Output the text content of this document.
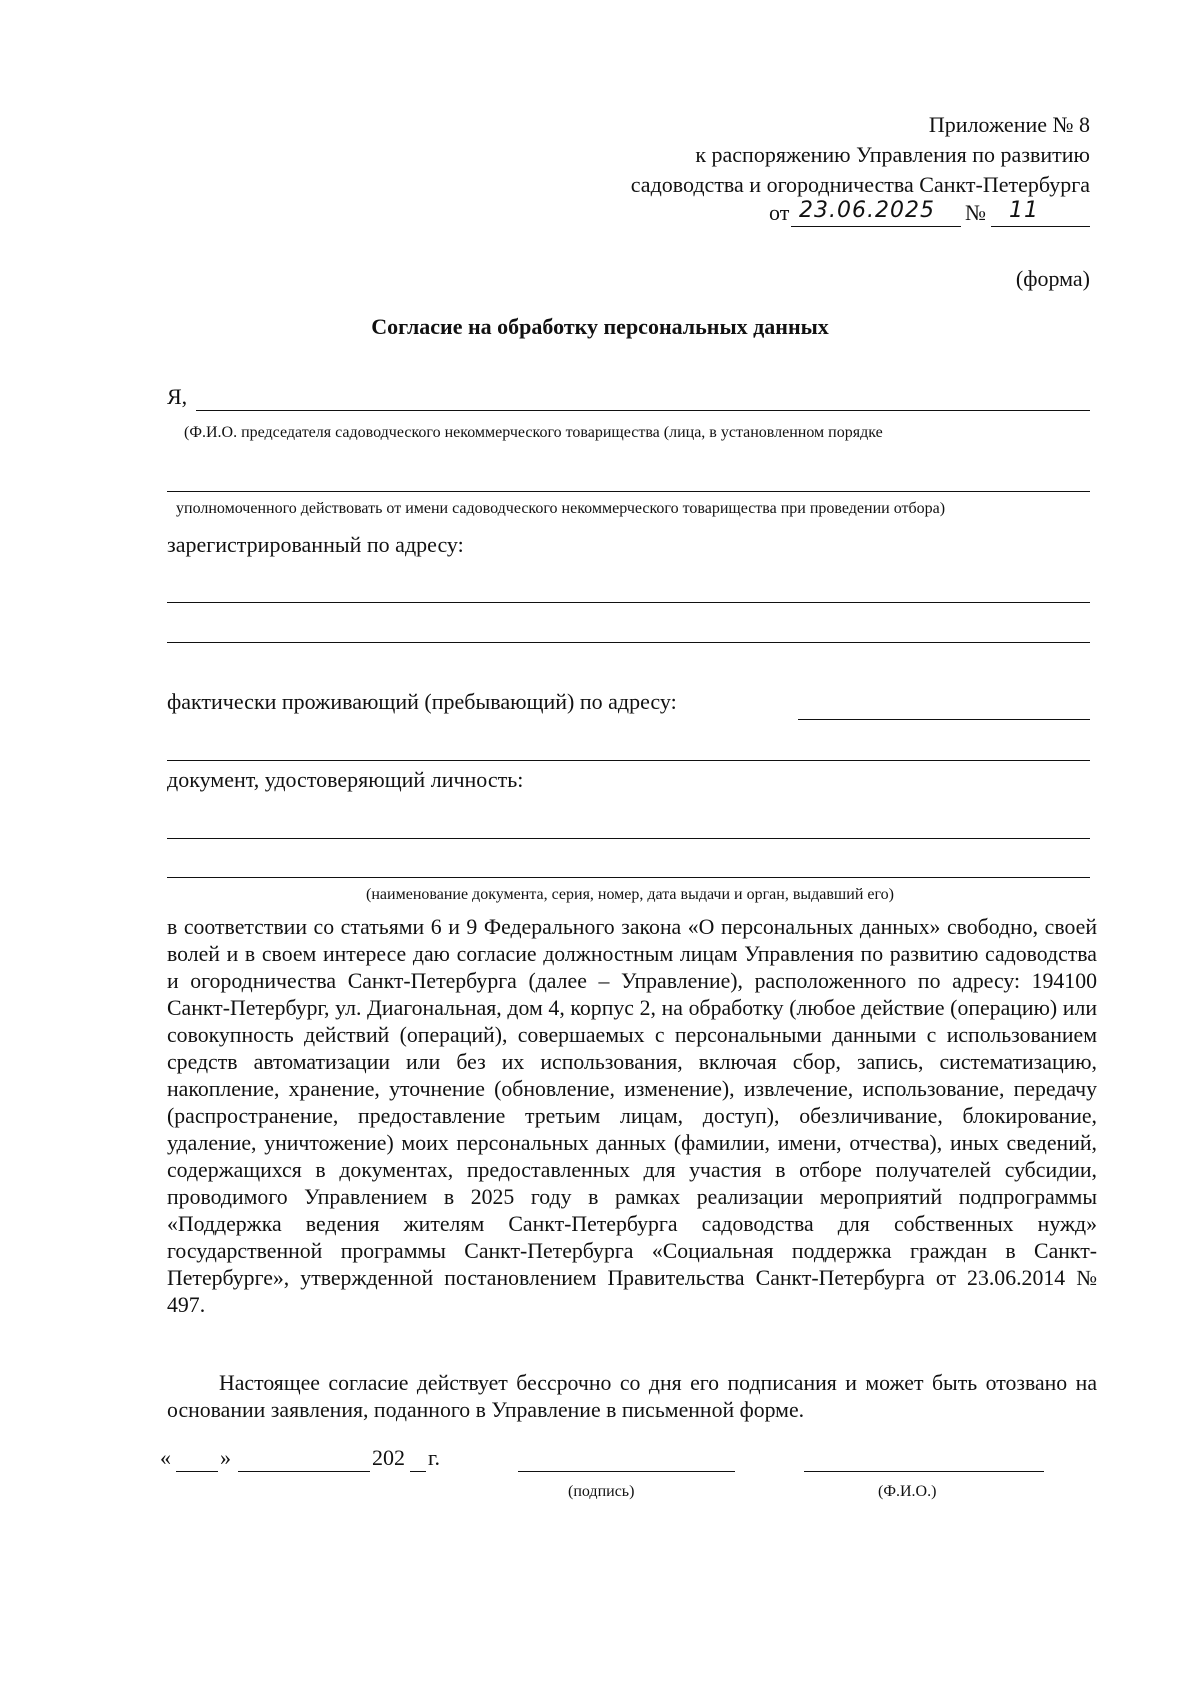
Приложение № 8
к распоряжению Управления по развитию
садоводства и огородничества Санкт-Петербурга
от 23.06.2025 № 11
(форма)
Согласие на обработку персональных данных
Я,
(Ф.И.О. председателя садоводческого некоммерческого товарищества (лица, в установленном порядке
уполномоченного действовать от имени садоводческого некоммерческого товарищества при проведении отбора)
зарегистрированный по адресу:
фактически проживающий (пребывающий) по адресу:
документ, удостоверяющий личность:
(наименование документа, серия, номер, дата выдачи и орган, выдавший его)
в соответствии со статьями 6 и 9 Федерального закона «О персональных данных» свободно, своей волей и в своем интересе даю согласие должностным лицам Управления по развитию садоводства и огородничества Санкт-Петербурга (далее – Управление), расположенного по адресу: 194100 Санкт-Петербург, ул. Диагональная, дом 4, корпус 2, на обработку (любое действие (операцию) или совокупность действий (операций), совершаемых с персональными данными с использованием средств автоматизации или без их использования, включая сбор, запись, систематизацию, накопление, хранение, уточнение (обновление, изменение), извлечение, использование, передачу (распространение, предоставление третьим лицам, доступ), обезличивание, блокирование, удаление, уничтожение) моих персональных данных (фамилии, имени, отчества), иных сведений, содержащихся в документах, предоставленных для участия в отборе получателей субсидии, проводимого Управлением в 2025 году в рамках реализации мероприятий подпрограммы «Поддержка ведения жителям Санкт-Петербурга садоводства для собственных нужд» государственной программы Санкт-Петербурга «Социальная поддержка граждан в Санкт-Петербурге», утвержденной постановлением Правительства Санкт-Петербурга от 23.06.2014 № 497.
Настоящее согласие действует бессрочно со дня его подписания и может быть отозвано на основании заявления, поданного в Управление в письменной форме.
« »	202 г.
(подпись)	(Ф.И.О.)
